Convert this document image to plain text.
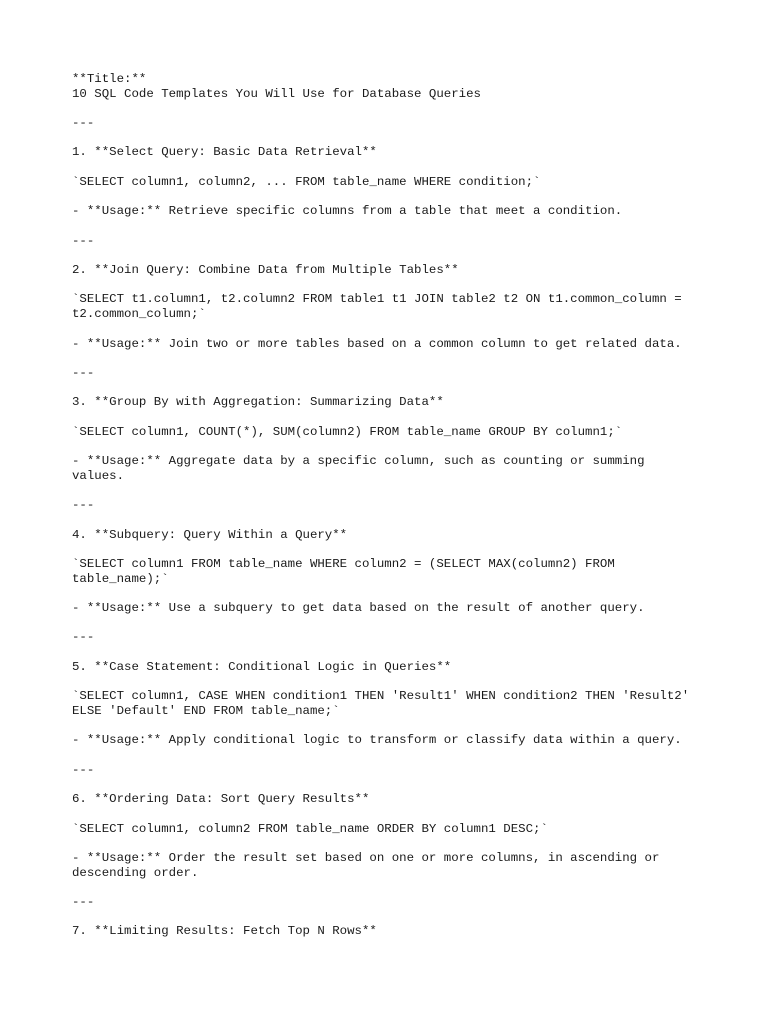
**Title:**
10 SQL Code Templates You Will Use for Database Queries
---
1. **Select Query: Basic Data Retrieval**
`SELECT column1, column2, ... FROM table_name WHERE condition;`
- **Usage:** Retrieve specific columns from a table that meet a condition.
---
2. **Join Query: Combine Data from Multiple Tables**
`SELECT t1.column1, t2.column2 FROM table1 t1 JOIN table2 t2 ON t1.common_column = t2.common_column;`
- **Usage:** Join two or more tables based on a common column to get related data.
---
3. **Group By with Aggregation: Summarizing Data**
`SELECT column1, COUNT(*), SUM(column2) FROM table_name GROUP BY column1;`
- **Usage:** Aggregate data by a specific column, such as counting or summing values.
---
4. **Subquery: Query Within a Query**
`SELECT column1 FROM table_name WHERE column2 = (SELECT MAX(column2) FROM table_name);`
- **Usage:** Use a subquery to get data based on the result of another query.
---
5. **Case Statement: Conditional Logic in Queries**
`SELECT column1, CASE WHEN condition1 THEN 'Result1' WHEN condition2 THEN 'Result2' ELSE 'Default' END FROM table_name;`
- **Usage:** Apply conditional logic to transform or classify data within a query.
---
6. **Ordering Data: Sort Query Results**
`SELECT column1, column2 FROM table_name ORDER BY column1 DESC;`
- **Usage:** Order the result set based on one or more columns, in ascending or descending order.
---
7. **Limiting Results: Fetch Top N Rows**
